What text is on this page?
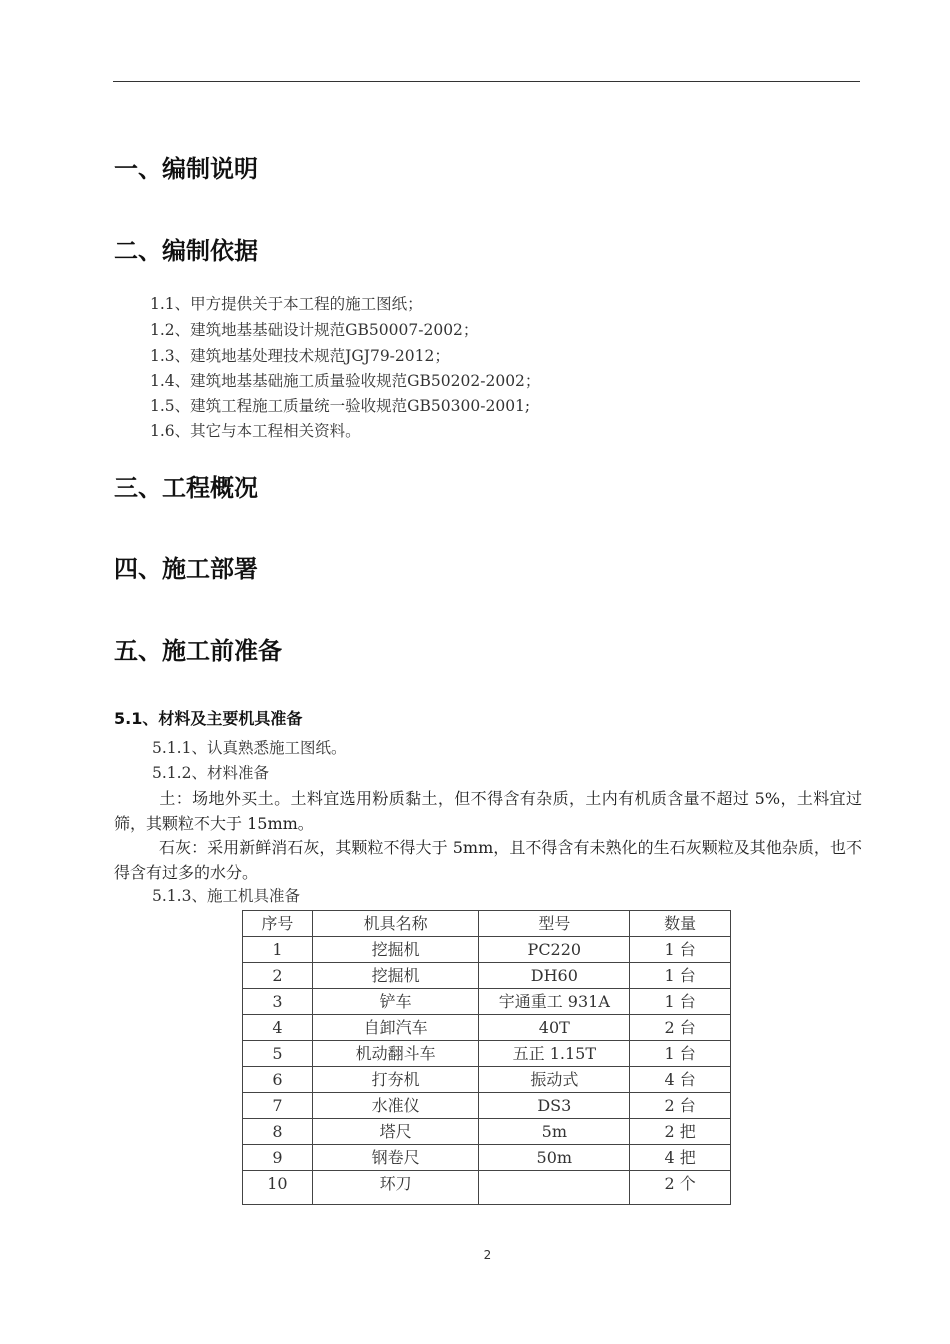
一、编制说明
二、编制依据
1.1、甲方提供关于本工程的施工图纸；
1.2、建筑地基基础设计规范GB50007-2002；
1.3、建筑地基处理技术规范JGJ79-2012；
1.4、建筑地基基础施工质量验收规范GB50202-2002；
1.5、建筑工程施工质量统一验收规范GB50300-2001;
1.6、其它与本工程相关资料。
三、工程概况
四、施工部署
五、施工前准备
5.1、材料及主要机具准备
5.1.1、认真熟悉施工图纸。
5.1.2、材料准备
土：场地外买土。土料宜选用粉质黏土，但不得含有杂质，土内有机质含量不超过 5%，土料宜过筛，其颗粒不大于 15mm。
石灰：采用新鲜消石灰，其颗粒不得大于 5mm，且不得含有未熟化的生石灰颗粒及其他杂质，也不得含有过多的水分。
5.1.3、施工机具准备
序号	机具名称	型号	数量
1	挖掘机	PC220	1 台
2	挖掘机	DH60	1 台
3	铲车	宇通重工 931A	1 台
4	自卸汽车	40T	2 台
5	机动翻斗车	五正 1.15T	1 台
6	打夯机	振动式	4 台
7	水准仪	DS3	2 台
8	塔尺	5m	2 把
9	钢卷尺	50m	4 把
10	环刀		2 个
2
